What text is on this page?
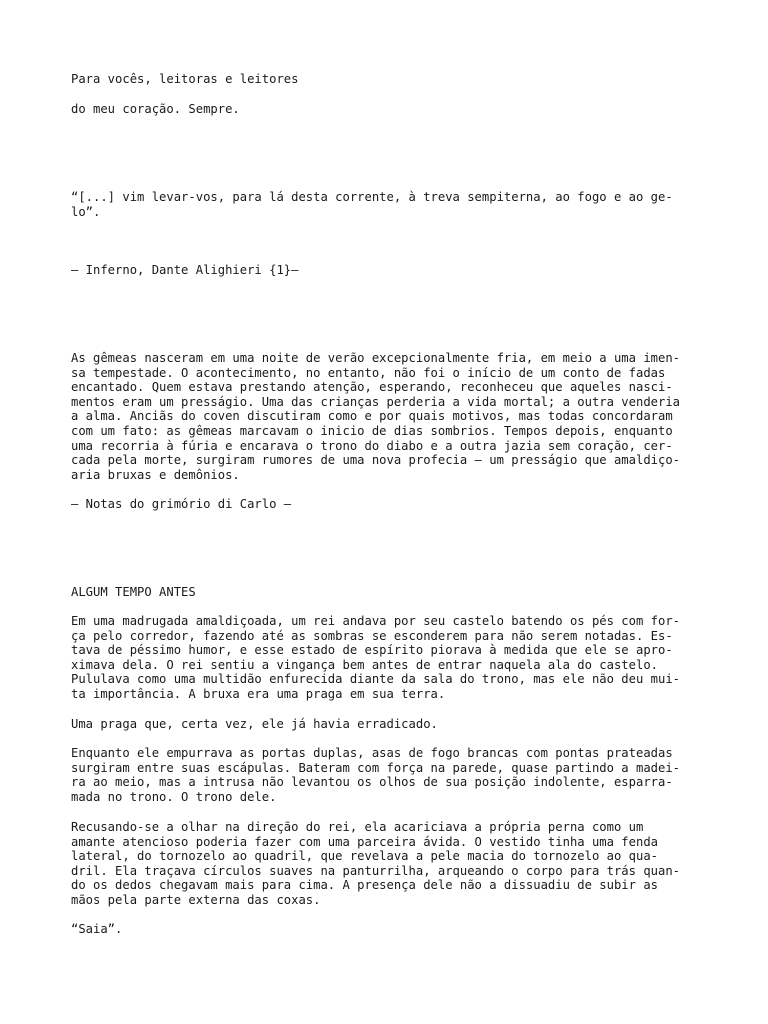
Para vocês, leitoras e leitores

do meu coração. Sempre.

“[...] vim levar-vos, para lá desta corrente, à treva sempiterna, ao fogo e ao ge-
lo”.

— Inferno, Dante Alighieri {1}—

As gêmeas nasceram em uma noite de verão excepcionalmente fria, em meio a uma imen-
sa tempestade. O acontecimento, no entanto, não foi o início de um conto de fadas
encantado. Quem estava prestando atenção, esperando, reconheceu que aqueles nasci-
mentos eram um presságio. Uma das crianças perderia a vida mortal; a outra venderia
a alma. Anciãs do coven discutiram como e por quais motivos, mas todas concordaram
com um fato: as gêmeas marcavam o inicio de dias sombrios. Tempos depois, enquanto
uma recorria à fúria e encarava o trono do diabo e a outra jazia sem coração, cer-
cada pela morte, surgiram rumores de uma nova profecia — um presságio que amaldiço-
aria bruxas e demônios.

— Notas do grimório di Carlo —

ALGUM TEMPO ANTES

Em uma madrugada amaldiçoada, um rei andava por seu castelo batendo os pés com for-
ça pelo corredor, fazendo até as sombras se esconderem para não serem notadas. Es-
tava de péssimo humor, e esse estado de espírito piorava à medida que ele se apro-
ximava dela. O rei sentiu a vingança bem antes de entrar naquela ala do castelo.
Pululava como uma multidão enfurecida diante da sala do trono, mas ele não deu mui-
ta importância. A bruxa era uma praga em sua terra.

Uma praga que, certa vez, ele já havia erradicado.

Enquanto ele empurrava as portas duplas, asas de fogo brancas com pontas prateadas
surgiram entre suas escápulas. Bateram com força na parede, quase partindo a madei-
ra ao meio, mas a intrusa não levantou os olhos de sua posição indolente, esparra-
mada no trono. O trono dele.

Recusando-se a olhar na direção do rei, ela acariciava a própria perna como um
amante atencioso poderia fazer com uma parceira ávida. O vestido tinha uma fenda
lateral, do tornozelo ao quadril, que revelava a pele macia do tornozelo ao qua-
dril. Ela traçava círculos suaves na panturrilha, arqueando o corpo para trás quan-
do os dedos chegavam mais para cima. A presença dele não a dissuadiu de subir as
mãos pela parte externa das coxas.

“Saia”.
